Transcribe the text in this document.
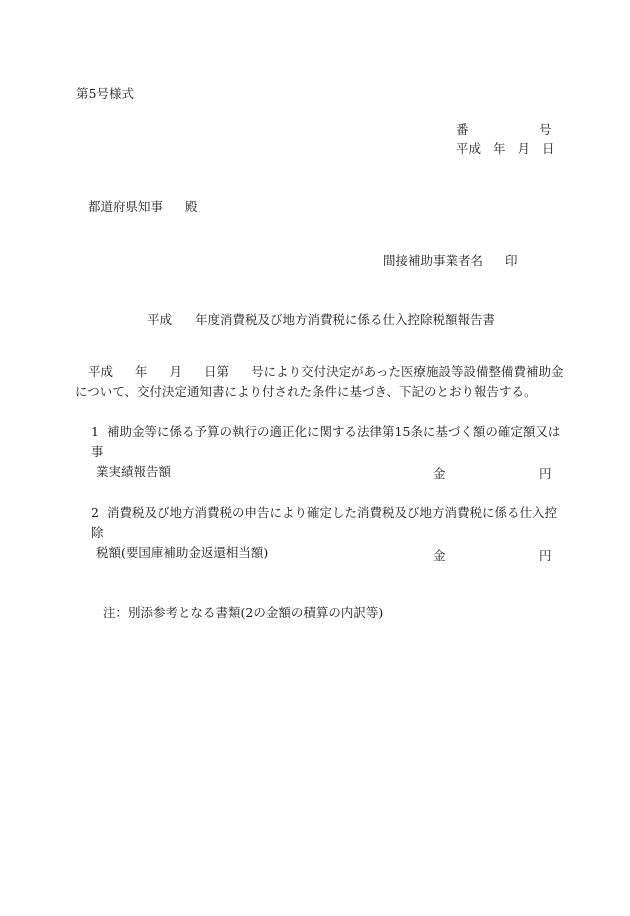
第5号様式
番	号
平成 年 月 日
都道府県知事 殿
間接補助事業者名 印
平成 年度消費税及び地方消費税に係る仕入控除税額報告書
平成 年 月 日第 号により交付決定があった医療施設等設備整備費補助金
について、交付決定通知書により付された条件に基づき、下記のとおり報告する。
1 補助金等に係る予算の執行の適正化に関する法律第15条に基づく額の確定額又は事
業実績報告額	金	円
2 消費税及び地方消費税の申告により確定した消費税及び地方消費税に係る仕入控除
税額(要国庫補助金返還相当額)	金	円
注：別添参考となる書類(2の金額の積算の内訳等)
